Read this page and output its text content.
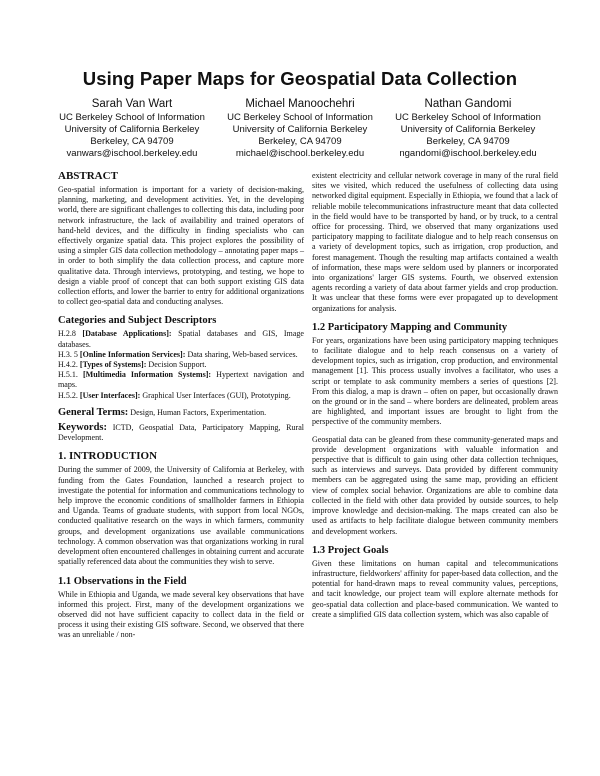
Using Paper Maps for Geospatial Data Collection
Sarah Van Wart
UC Berkeley School of Information
University of California Berkeley
Berkeley, CA 94709
vanwars@ischool.berkeley.edu
Michael Manoochehri
UC Berkeley School of Information
University of California Berkeley
Berkeley, CA 94709
michael@ischool.berkeley.edu
Nathan Gandomi
UC Berkeley School of Information
University of California Berkeley
Berkeley, CA 94709
ngandomi@ischool.berkeley.edu
ABSTRACT

Geo-spatial information is important for a variety of decision-making, planning, marketing, and development activities. Yet, in the developing world, there are significant challenges to collecting this data, including poor network infrastructure, the lack of availability and trained operators of hand-held devices, and the difficulty in finding specialists who can effectively organize spatial data. This project explores the possibility of using a simpler GIS data collection methodology – annotating paper maps – in order to both simplify the data collection process, and capture more qualitative data. Through interviews, prototyping, and testing, we hope to design a viable proof of concept that can both support existing GIS data collection efforts, and lower the barrier to entry for additional organizations to collect geo-spatial data and conducting analyses.

Categories and Subject Descriptors

H.2.8 [Database Applications]: Spatial databases and GIS, Image databases.

H.3. 5 [Online Information Services]: Data sharing, Web-based services.

H.4.2. [Types of Systems]: Decision Support.

H.5.1. [Multimedia Information Systems]: Hypertext navigation and maps.

H.5.2. [User Interfaces]: Graphical User Interfaces (GUI), Prototyping.

General Terms: Design, Human Factors, Experimentation.

Keywords: ICTD, Geospatial Data, Participatory Mapping, Rural Development.

1. INTRODUCTION

During the summer of 2009, the University of California at Berkeley, with funding from the Gates Foundation, launched a research project to investigate the potential for information and communications technology to help improve the economic conditions of smallholder farmers in Ethiopia and Uganda. Teams of graduate students, with support from local NGOs, conducted qualitative research on the ways in which farmers, community groups, and development organizations use available communications technology. A common observation was that organizations working in rural development often encountered challenges in obtaining current and accurate spatially referenced data about the communities they wish to serve.

1.1 Observations in the Field

While in Ethiopia and Uganda, we made several key observations that have informed this project. First, many of the development organizations we observed did not have sufficient capacity to collect data in the field or process it using their existing GIS software. Second, we observed that there was an unreliable / non-

existent electricity and cellular network coverage in many of the rural field sites we visited, which reduced the usefulness of collecting data using networked digital equipment. Especially in Ethiopia, we found that a lack of reliable mobile telecommunications infrastructure meant that data collected in the field would have to be transported by hand, or by truck, to a central office for processing. Third, we observed that many organizations used participatory mapping to facilitate dialogue and to help reach consensus on a variety of development topics, such as irrigation, crop production, and forest management. Though the resulting map artifacts contained a wealth of information, these maps were seldom used by planners or incorporated into organizations' larger GIS systems. Fourth, we observed extension agents recording a variety of data about farmer yields and crop production. It was unclear that these forms were ever propagated up to development organizations for analysis.

1.2 Participatory Mapping and Community

For years, organizations have been using participatory mapping techniques to facilitate dialogue and to help reach consensus on a variety of development topics, such as irrigation, crop production, and environmental management [1]. This process usually involves a facilitator, who uses a script or template to ask community members a series of questions [2]. From this dialog, a map is drawn – often on paper, but occasionally drawn on the ground or in the sand – where borders are delineated, problem areas are highlighted, and important issues are brought to light from the perspective of the community members.

Geospatial data can be gleaned from these community-generated maps and provide development organizations with valuable information and perspective that is difficult to gain using other data collection techniques, such as interviews and surveys. Data provided by different community members can be aggregated using the same map, providing an efficient view of complex social behavior. Organizations are able to combine data collected in the field with other data provided by outside sources, to help improve knowledge and decision-making. The maps created can also be used as artifacts to help facilitate dialogue between community members and development workers.

1.3 Project Goals

Given these limitations on human capital and telecommunications infrastructure, fieldworkers' affinity for paper-based data collection, and the potential for hand-drawn maps to reveal community values, perceptions, and tacit knowledge, our project team will explore alternate methods for geo-spatial data collection and place-based communication. We wanted to create a simplified GIS data collection system, which was also capable of
